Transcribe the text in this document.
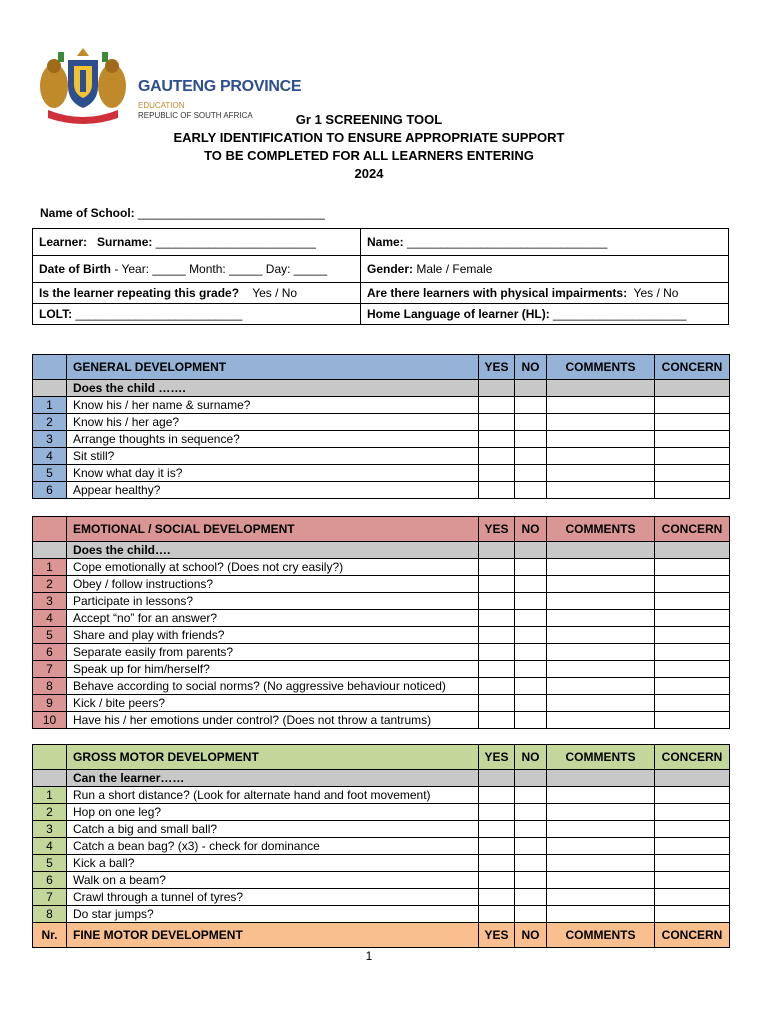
GAUTENG PROVINCE
EDUCATION
REPUBLIC OF SOUTH AFRICA	Gr 1 SCREENING TOOL
EARLY IDENTIFICATION TO ENSURE APPROPRIATE SUPPORT
TO BE COMPLETED FOR ALL LEARNERS ENTERING
2024
Name of School: ____________________________
Learner: Surname: ________________________	Name: ______________________________
Date of Birth - Year: _____ Month: _____ Day: _____	Gender: Male / Female
Is the learner repeating this grade? Yes / No	Are there learners with physical impairments: Yes / No
LOLT: _________________________	Home Language of learner (HL): ____________________
	GENERAL DEVELOPMENT	YES	NO	COMMENTS	CONCERN
	Does the child …….				
1	Know his / her name & surname?				
2	Know his / her age?				
3	Arrange thoughts in sequence?				
4	Sit still?				
5	Know what day it is?				
6	Appear healthy?				
	EMOTIONAL / SOCIAL DEVELOPMENT	YES	NO	COMMENTS	CONCERN
	Does the child….				
1	Cope emotionally at school? (Does not cry easily?)				
2	Obey / follow instructions?				
3	Participate in lessons?				
4	Accept “no” for an answer?				
5	Share and play with friends?				
6	Separate easily from parents?				
7	Speak up for him/herself?				
8	Behave according to social norms? (No aggressive behaviour noticed)				
9	Kick / bite peers?				
10	Have his / her emotions under control? (Does not throw a tantrums)				
	GROSS MOTOR DEVELOPMENT	YES	NO	COMMENTS	CONCERN
	Can the learner……				
1	Run a short distance? (Look for alternate hand and foot movement)				
2	Hop on one leg?				
3	Catch a big and small ball?				
4	Catch a bean bag? (x3) - check for dominance				
5	Kick a ball?				
6	Walk on a beam?				
7	Crawl through a tunnel of tyres?				
8	Do star jumps?				
Nr.	FINE MOTOR DEVELOPMENT	YES	NO	COMMENTS	CONCERN
1
